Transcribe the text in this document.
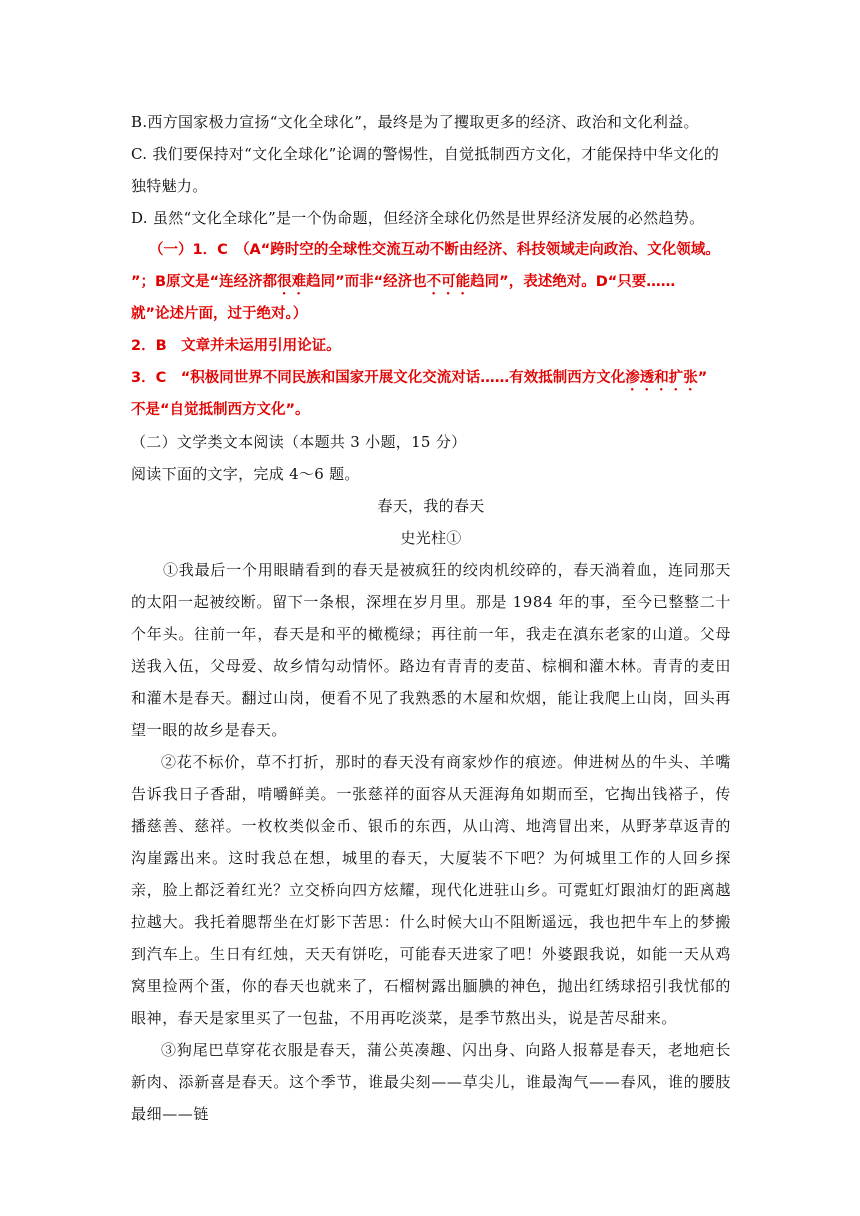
B.西方国家极力宣扬“文化全球化”，最终是为了攫取更多的经济、政治和文化利益。
C. 我们要保持对“文化全球化”论调的警惕性，自觉抵制西方文化，才能保持中华文化的
独特魅力。
D. 虽然“文化全球化”是一个伪命题，但经济全球化仍然是世界经济发展的必然趋势。
（一）1．C　（A“跨时空的全球性交流互动不断由经济、科技领域走向政治、文化领域。
”；B原文是“连经济都很难趋同”而非“经济也不可能趋同”，表述绝对。D“只要……
就”论述片面，过于绝对。）
2．B　文章并未运用引用论证。
3．C　“积极同世界不同民族和国家开展文化交流对话……有效抵制西方文化渗透和扩张”
不是“自觉抵制西方文化”。
（二）文学类文本阅读（本题共 3 小题，15 分）
阅读下面的文字，完成 4～6 题。
春天，我的春天
史光柱①
①我最后一个用眼睛看到的春天是被疯狂的绞肉机绞碎的，春天淌着血，连同那天的太阳一起被绞断。留下一条根，深埋在岁月里。那是 1984 年的事，至今已整整二十个年头。往前一年，春天是和平的橄榄绿；再往前一年，我走在滇东老家的山道。父母送我入伍，父母爱、故乡情勾动情怀。路边有青青的麦苗、棕榈和灌木林。青青的麦田和灌木是春天。翻过山岗，便看不见了我熟悉的木屋和炊烟，能让我爬上山岗，回头再望一眼的故乡是春天。
②花不标价，草不打折，那时的春天没有商家炒作的痕迹。伸进树丛的牛头、羊嘴告诉我日子香甜，啃嚼鲜美。一张慈祥的面容从天涯海角如期而至，它掏出钱褡子，传播慈善、慈祥。一枚枚类似金币、银币的东西，从山湾、地湾冒出来，从野茅草返青的沟崖露出来。这时我总在想，城里的春天，大厦装不下吧？为何城里工作的人回乡探亲，脸上都泛着红光？立交桥向四方炫耀，现代化进驻山乡。可霓虹灯跟油灯的距离越拉越大。我托着腮帮坐在灯影下苦思：什么时候大山不阻断遥远，我也把牛车上的梦搬到汽车上。生日有红烛，天天有饼吃，可能春天进家了吧！外婆跟我说，如能一天从鸡窝里捡两个蛋，你的春天也就来了，石榴树露出腼腆的神色，抛出红绣球招引我忧郁的眼神，春天是家里买了一包盐，不用再吃淡菜，是季节熬出头，说是苦尽甜来。
③狗尾巴草穿花衣服是春天，蒲公英凑趣、闪出身、向路人报幕是春天，老地疤长新肉、添新喜是春天。这个季节，谁最尖刻——草尖儿，谁最淘气——春风，谁的腰肢最细——链
